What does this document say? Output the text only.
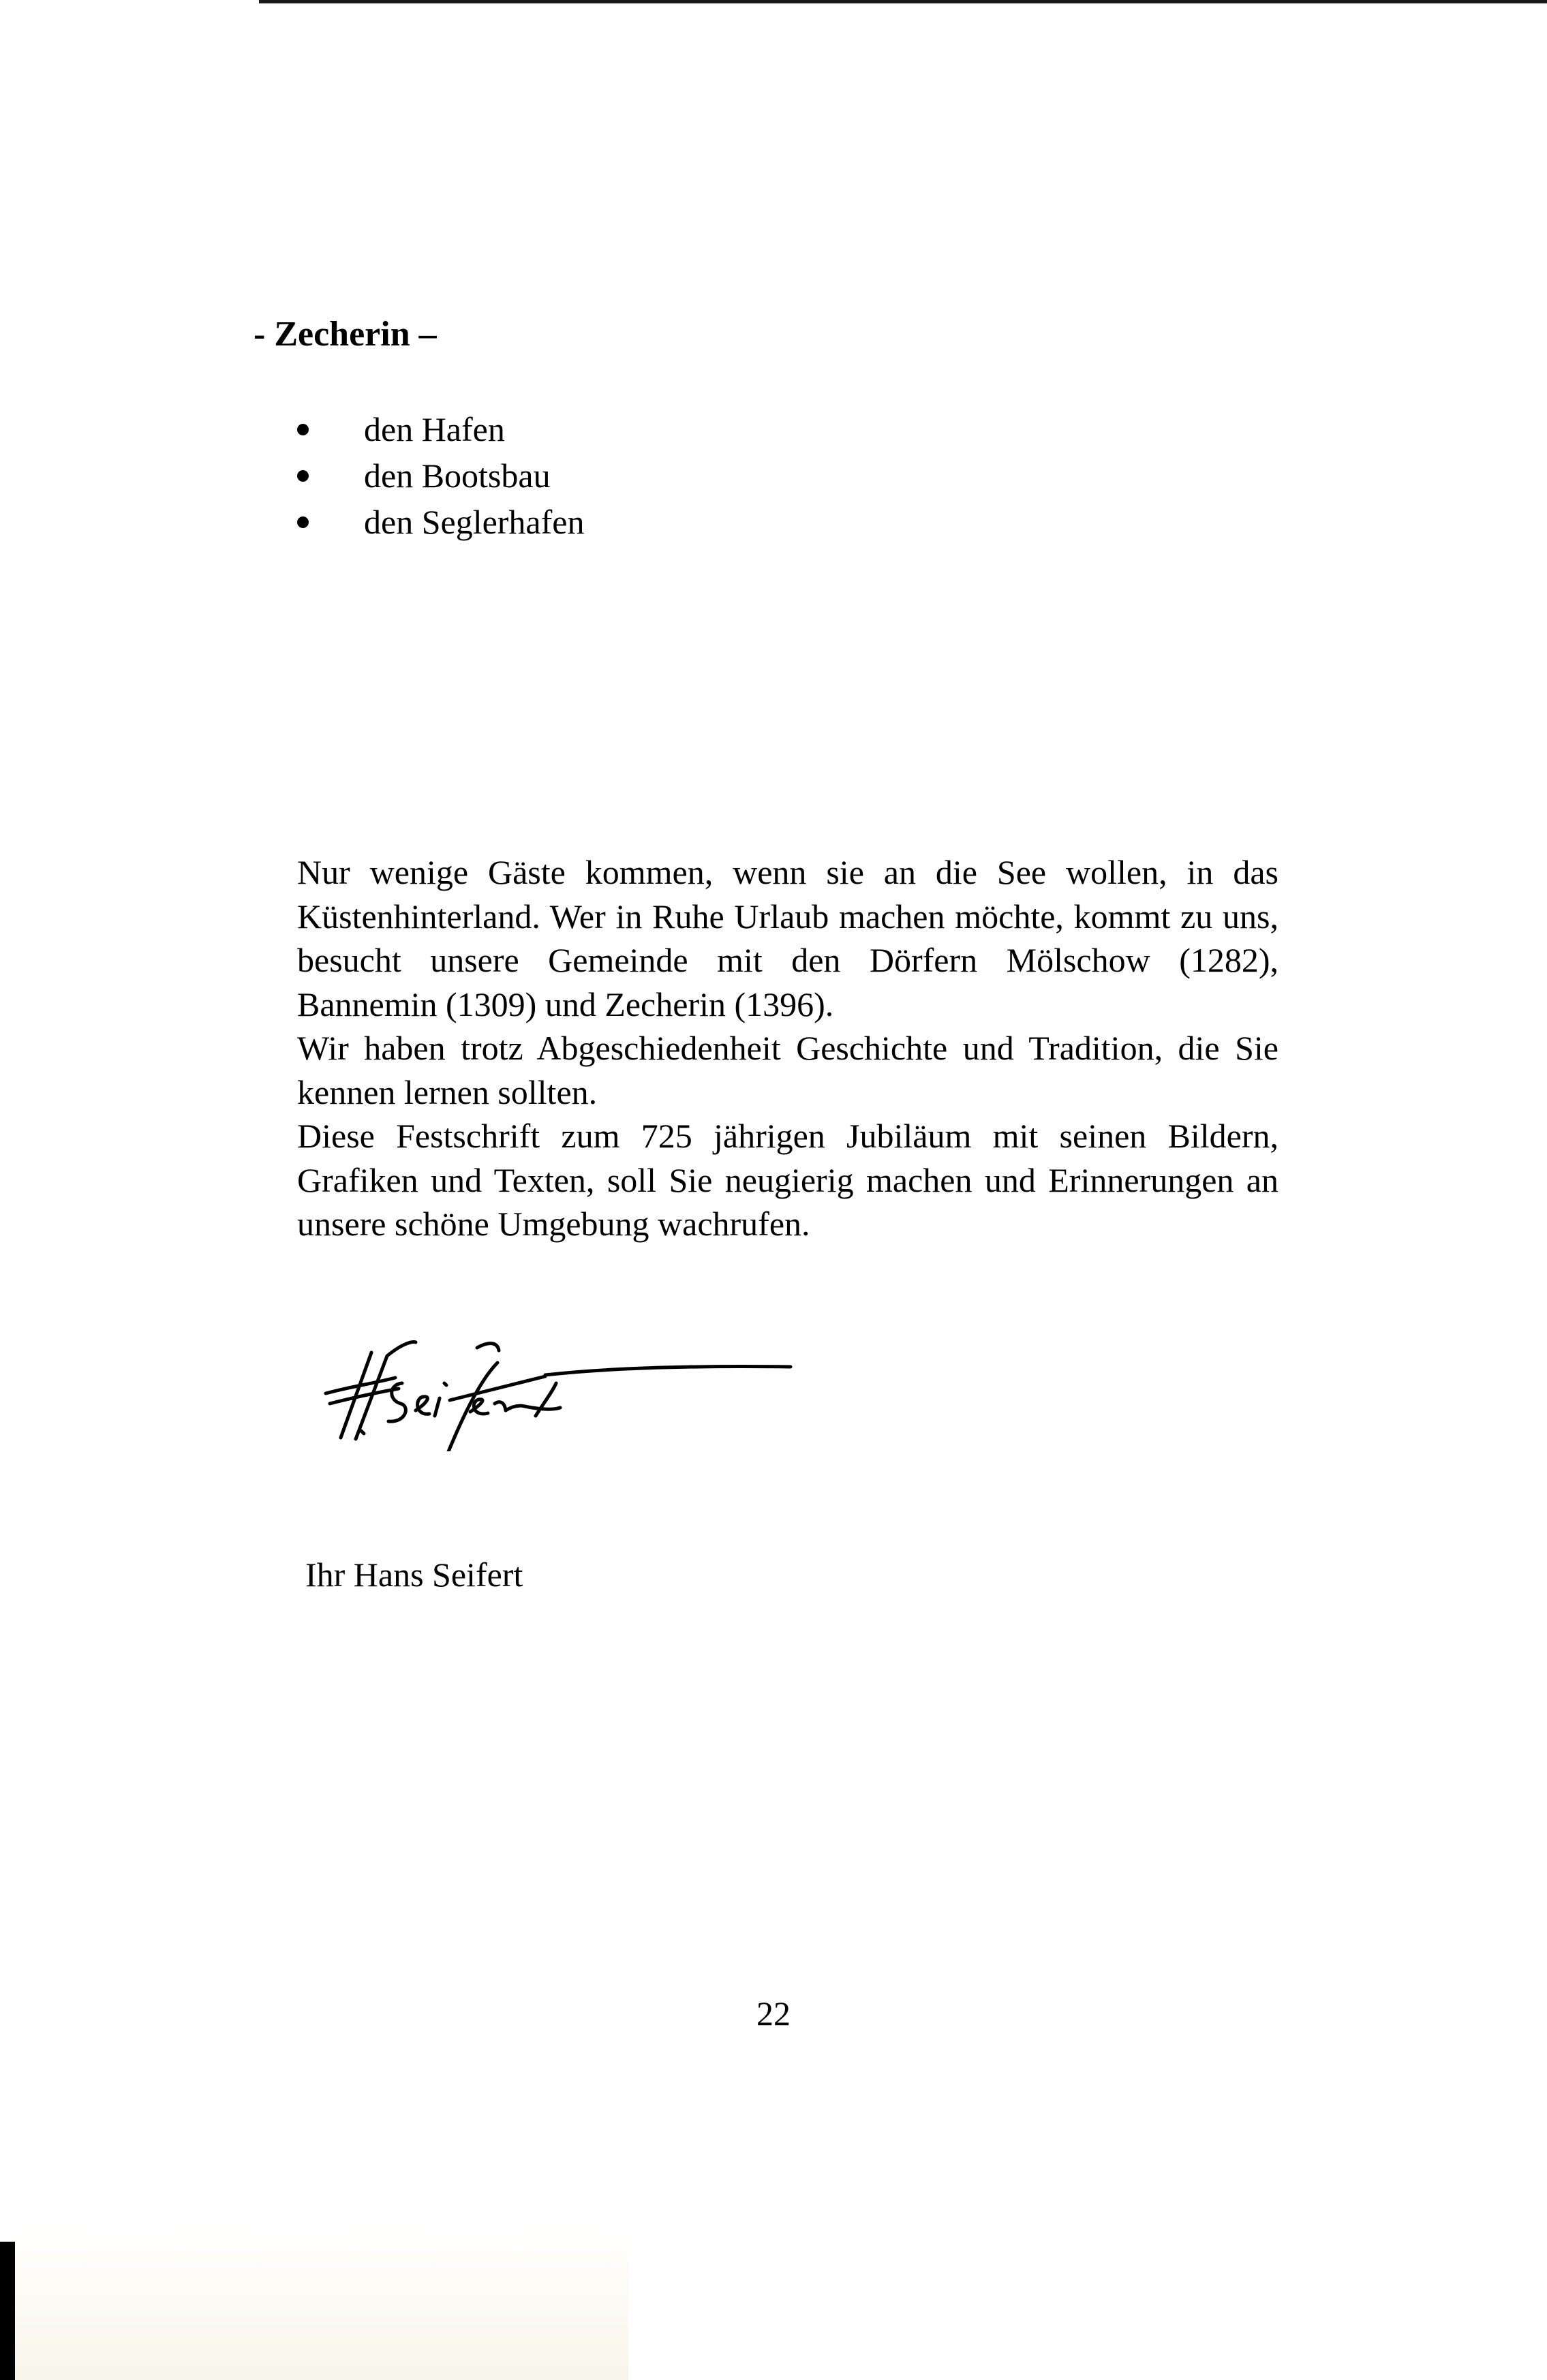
- Zecherin –
den Hafen
den Bootsbau
den Seglerhafen

Nur wenige Gäste kommen, wenn sie an die See wollen, in das Küstenhinterland. Wer in Ruhe Urlaub machen möchte, kommt zu uns, besucht unsere Gemeinde mit den Dörfern Mölschow (1282), Bannemin (1309) und Zecherin (1396).

Wir haben trotz Abgeschiedenheit Geschichte und Tradition, die Sie kennen lernen sollten.

Diese Festschrift zum 725 jährigen Jubiläum mit seinen Bildern, Grafiken und Texten, soll Sie neugierig machen und Erinnerungen an unsere schöne Umgebung wachrufen.

Ihr Hans Seifert
22
